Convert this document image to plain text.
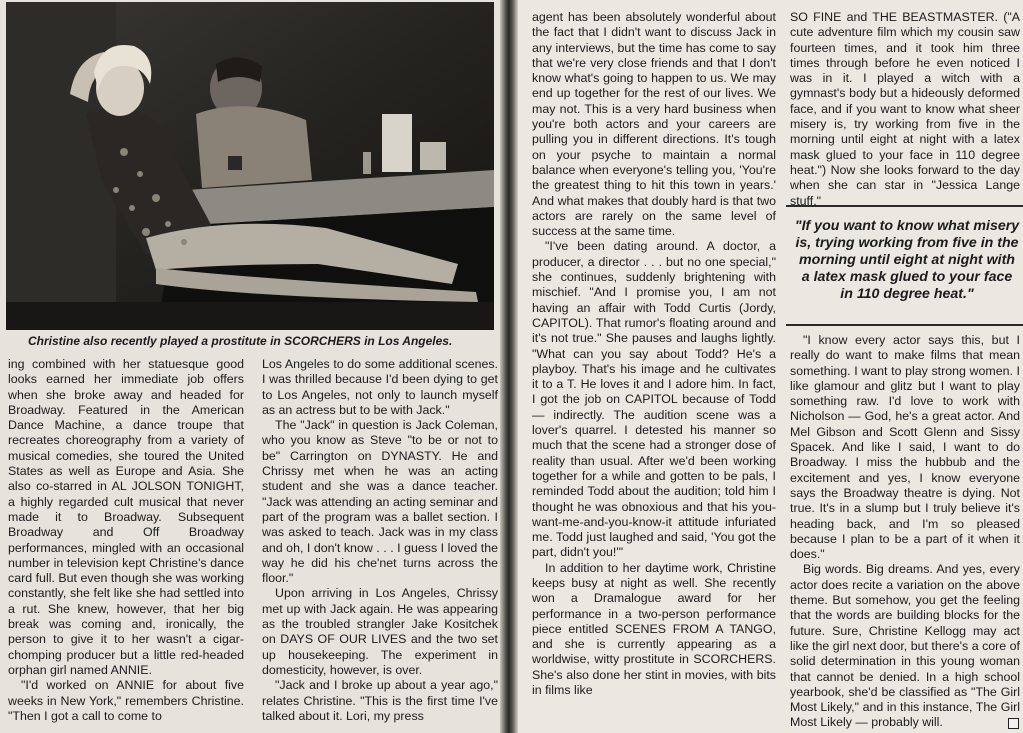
Christine also recently played a prostitute in SCORCHERS in Los Angeles.

ing combined with her statuesque good looks earned her immediate job offers when she broke away and headed for Broadway. Featured in the American Dance Machine, a dance troupe that recreates choreography from a variety of musical comedies, she toured the United States as well as Europe and Asia. She also co-starred in AL JOLSON TONIGHT, a highly regarded cult musical that never made it to Broadway. Subsequent Broadway and Off Broadway performances, mingled with an occasional number in television kept Christine's dance card full. But even though she was working constantly, she felt like she had settled into a rut. She knew, however, that her big break was coming and, ironically, the person to give it to her wasn't a cigar-chomping producer but a little red-headed orphan girl named ANNIE.

"I'd worked on ANNIE for about five weeks in New York," remembers Christine. "Then I got a call to come to

Los Angeles to do some additional scenes. I was thrilled because I'd been dying to get to Los Angeles, not only to launch myself as an actress but to be with Jack."

The "Jack" in question is Jack Coleman, who you know as Steve "to be or not to be" Carrington on DYNASTY. He and Chrissy met when he was an acting student and she was a dance teacher. "Jack was attending an acting seminar and part of the program was a ballet section. I was asked to teach. Jack was in my class and oh, I don't know . . . I guess I loved the way he did his che'net turns across the floor."

Upon arriving in Los Angeles, Chrissy met up with Jack again. He was appearing as the troubled strangler Jake Kositchek on DAYS OF OUR LIVES and the two set up housekeeping. The experiment in domesticity, however, is over.

"Jack and I broke up about a year ago," relates Christine. "This is the first time I've talked about it. Lori, my press

agent has been absolutely wonderful about the fact that I didn't want to discuss Jack in any interviews, but the time has come to say that we're very close friends and that I don't know what's going to happen to us. We may end up together for the rest of our lives. We may not. This is a very hard business when you're both actors and your careers are pulling you in different directions. It's tough on your psyche to maintain a normal balance when everyone's telling you, 'You're the greatest thing to hit this town in years.' And what makes that doubly hard is that two actors are rarely on the same level of success at the same time.

"I've been dating around. A doctor, a producer, a director . . . but no one special," she continues, suddenly brightening with mischief. "And I promise you, I am not having an affair with Todd Curtis (Jordy, CAPITOL). That rumor's floating around and it's not true." She pauses and laughs lightly. "What can you say about Todd? He's a playboy. That's his image and he cultivates it to a T. He loves it and I adore him. In fact, I got the job on CAPITOL because of Todd — indirectly. The audition scene was a lover's quarrel. I detested his manner so much that the scene had a stronger dose of reality than usual. After we'd been working together for a while and gotten to be pals, I reminded Todd about the audition; told him I thought he was obnoxious and that his you-want-me-and-you-know-it attitude infuriated me. Todd just laughed and said, 'You got the part, didn't you!'"

In addition to her daytime work, Christine keeps busy at night as well. She recently won a Dramalogue award for her performance in a two-person performance piece entitled SCENES FROM A TANGO, and she is currently appearing as a worldwise, witty prostitute in SCORCHERS. She's also done her stint in movies, with bits in films like

SO FINE and THE BEASTMASTER. ("A cute adventure film which my cousin saw fourteen times, and it took him three times through before he even noticed I was in it. I played a witch with a gymnast's body but a hideously deformed face, and if you want to know what sheer misery is, try working from five in the morning until eight at night with a latex mask glued to your face in 110 degree heat.") Now she looks forward to the day when she can star in "Jessica Lange stuff."

"If you want to know what misery is, trying working from five in the morning until eight at night with a latex mask glued to your face in 110 degree heat."

"I know every actor says this, but I really do want to make films that mean something. I want to play strong women. I like glamour and glitz but I want to play something raw. I'd love to work with Nicholson — God, he's a great actor. And Mel Gibson and Scott Glenn and Sissy Spacek. And like I said, I want to do Broadway. I miss the hubbub and the excitement and yes, I know everyone says the Broadway theatre is dying. Not true. It's in a slump but I truly believe it's heading back, and I'm so pleased because I plan to be a part of it when it does."

Big words. Big dreams. And yes, every actor does recite a variation on the above theme. But somehow, you get the feeling that the words are building blocks for the future. Sure, Christine Kellogg may act like the girl next door, but there's a core of solid determination in this young woman that cannot be denied. In a high school yearbook, she'd be classified as "The Girl Most Likely," and in this instance, The Girl Most Likely — probably will.
